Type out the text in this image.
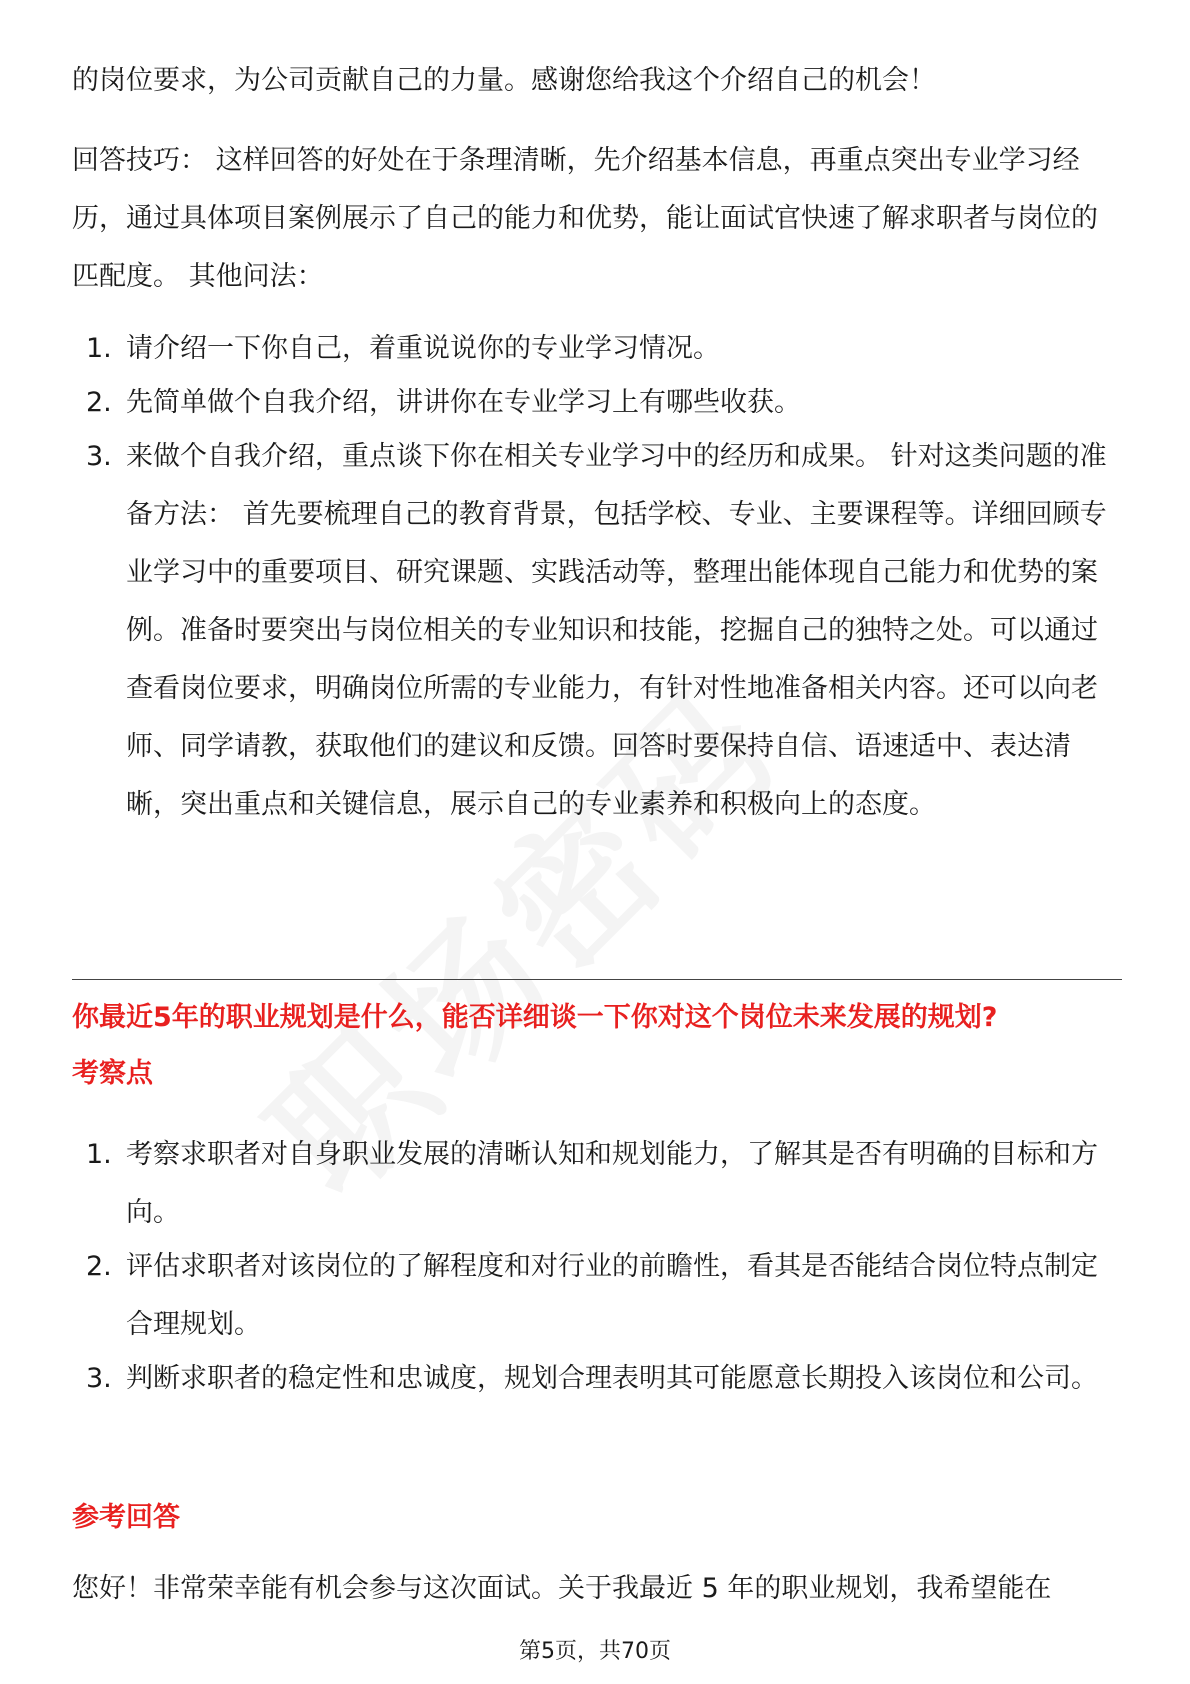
的岗位要求，为公司贡献自己的力量。感谢您给我这个介绍自己的机会！

回答技巧： 这样回答的好处在于条理清晰，先介绍基本信息，再重点突出专业学习经历，通过具体项目案例展示了自己的能力和优势，能让面试官快速了解求职者与岗位的匹配度。 其他问法：

1. 请介绍一下你自己，着重说说你的专业学习情况。
2. 先简单做个自我介绍，讲讲你在专业学习上有哪些收获。
3. 来做个自我介绍，重点谈下你在相关专业学习中的经历和成果。 针对这类问题的准备方法： 首先要梳理自己的教育背景，包括学校、专业、主要课程等。详细回顾专业学习中的重要项目、研究课题、实践活动等，整理出能体现自己能力和优势的案例。准备时要突出与岗位相关的专业知识和技能，挖掘自己的独特之处。可以通过查看岗位要求，明确岗位所需的专业能力，有针对性地准备相关内容。还可以向老师、同学请教，获取他们的建议和反馈。回答时要保持自信、语速适中、表达清晰，突出重点和关键信息，展示自己的专业素养和积极向上的态度。
你最近5年的职业规划是什么，能否详细谈一下你对这个岗位未来发展的规划?
考察点
1. 考察求职者对自身职业发展的清晰认知和规划能力，了解其是否有明确的目标和方向。
2. 评估求职者对该岗位的了解程度和对行业的前瞻性，看其是否能结合岗位特点制定合理规划。
3. 判断求职者的稳定性和忠诚度，规划合理表明其可能愿意长期投入该岗位和公司。
参考回答

您好！非常荣幸能有机会参与这次面试。关于我最近 5 年的职业规划，我希望能在

第5页，共70页
